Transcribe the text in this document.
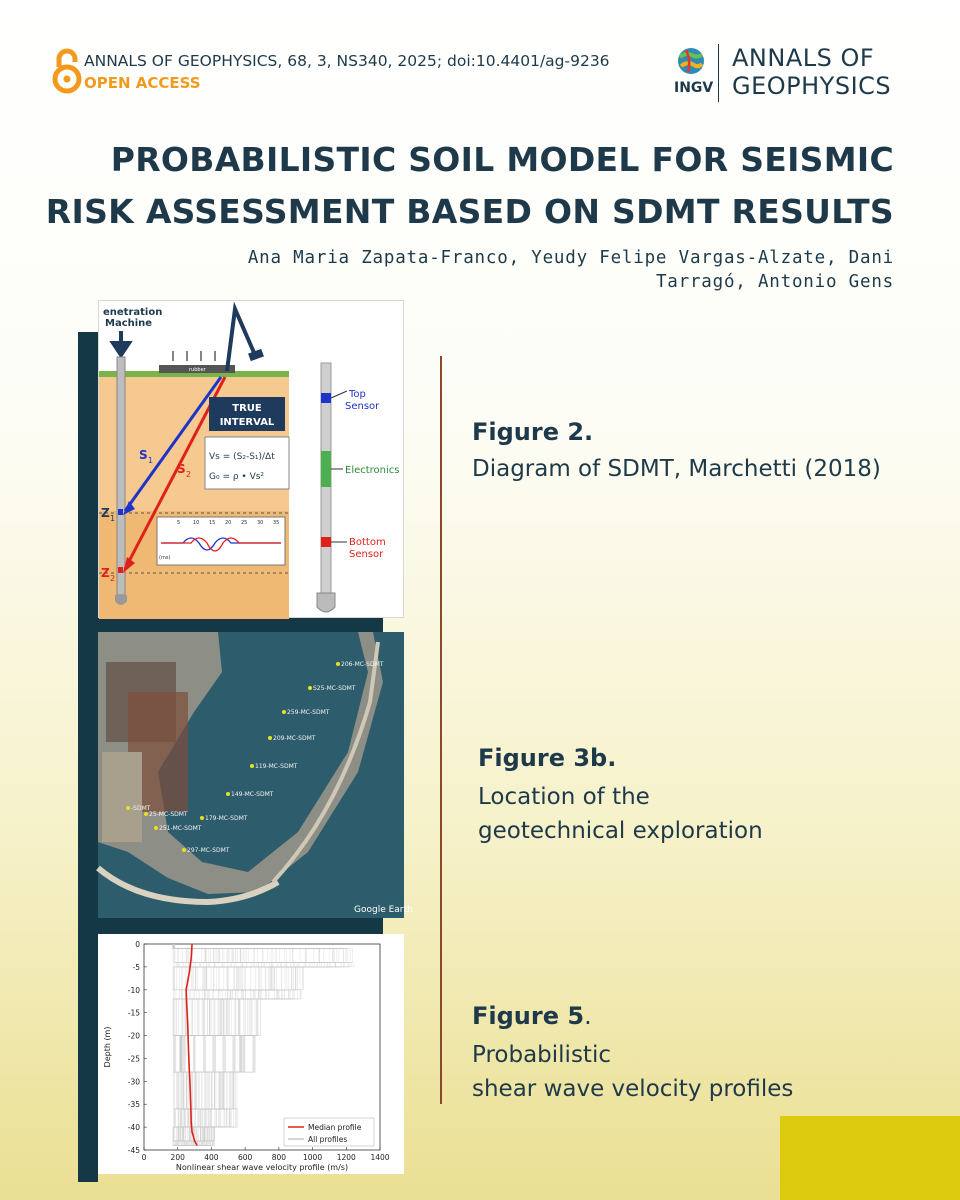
ANNALS OF GEOPHYSICS, 68, 3, NS340, 2025; doi:10.4401/ag-9236
OPEN ACCESS	INGV
ANNALS OF
GEOPHYSICS
PROBABILISTIC SOIL MODEL FOR SEISMIC
RISK ASSESSMENT BASED ON SDMT RESULTS
Ana Maria Zapata-Franco, Yeudy Felipe Vargas-Alzate, Dani
Tarragó, Antonio Gens
enetration
Machine
rubber
S 1
S 2
Z 1
Z 2
TRUE
INTERVAL
Vs = (S₂-S₁)/Δt
G₀ = ρ • Vs²
5	10 15 20 25 30 35
(ms)
Top
Sensor
Electronics
Bottom
Sensor
206-MC-SDMT
S25-MC-SDMT
259-MC-SDMT
209-MC-SDMT
119-MC-SDMT
149-MC-SDMT
179-MC-SDMT
25-MC-SDMT
-SDMT
251-MC-SDMT
297-MC-SDMT
Google Earth
0	200	400	600	800 1000 1200 1400
0
-5
-10
-15
-20
-25
-30
-35
-40
-45
Nonlinear shear wave velocity profile (m/s)
Depth (m)
Median profile
All profiles
Figure 2.
Diagram of SDMT, Marchetti (2018)
Figure 3b.
Location of the
geotechnical exploration
Figure 5.
Probabilistic
shear wave velocity profiles
